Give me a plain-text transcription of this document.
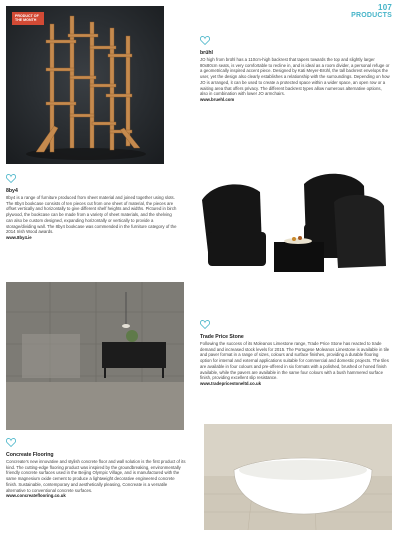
107
PRODUCTS
PRODUCT OF THE MONTH
brühl
JO high from brühl has a 110cm-high backrest that tapers towards the top and slightly larger 80x80cm seats, is very comfortable to recline in, and is ideal as a room divider, a personal refuge or a geometrically inspired accent piece. Designed by Kati Meyer-Brühl, the tall backrest envelops the user, yet the design also clearly establishes a relationship with the surroundings. Depending on how JO is arranged, it can be used to create a protected space within a wider space, an open row or a waiting area that offers privacy. The different backrest types allow numerous alternative options, also in combination with lower JO armchairs.
www.bruehl.com
8by4
8by4 is a range of furniture produced from sheet material and joined together using slots. The 8by4 bookcase consists of ten pieces cut from one sheet of material, the pieces are offset vertically and horizontally to give different shelf heights and widths. Pictured in birch plywood, the bookcase can be made from a variety of sheet materials, and the shelving can also be custom designed, expanding horizontally or vertically to provide a storage/dividing wall. The 8by4 bookcase was commended in the furniture category of the 2014 Irish Wood awards.
www.8by4.ie
Trade Price Stone
Following the success of its Moleanos Limestone range, Trade Price Stone has reacted to trade demand and increased stock levels for 2015. The Portugese Moleanos Limestone is available in tile and paver format in a range of sizes, colours and surface finishes, providing a durable flooring option for internal and external applications suitable for commercial and domestic projects. The tiles are available in four colours and pre-offered in six formats with a polished, brushed or honed finish available, while the pavers are available in the same four colours with a bush hammered surface finish, providing excellent slip resistance.
www.tradepricestoneltd.co.uk
Concreate Flooring
Concreate's new innovative and stylish concrete floor and wall solution is the first product of its kind. The cutting-edge flooring product was inspired by the groundbreaking, environmentally friendly concrete surfaces used in the Beijing Olympic Village, and is manufactured with the same magnesium oxide cement to produce a lightweight decorative engineered concrete finish. Sustainable, contemporary and aesthetically pleasing, Concreate is a versatile alternative to conventional concrete surfaces.
www.concreateflooring.co.uk
